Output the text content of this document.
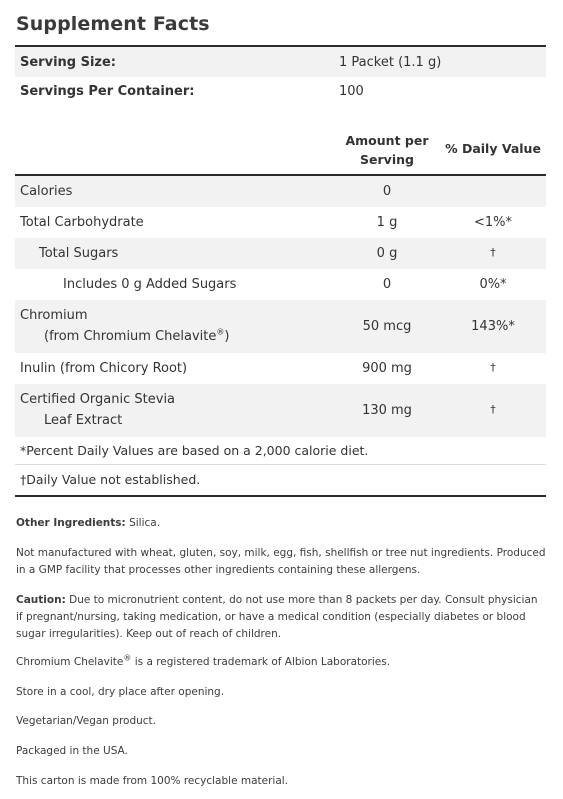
Supplement Facts
Serving Size:	1 Packet (1.1 g)
Servings Per Container:	100
Amount per
Serving
% Daily Value
Calories	0
Total Carbohydrate	1 g	<1%*
Total Sugars	0 g	†
Includes 0 g Added Sugars	0	0%*
Chromium
(from Chromium Chelavite®)
50 mcg	143%*
Inulin (from Chicory Root)	900 mg	†
Certified Organic Stevia
Leaf Extract
130 mg	†
*Percent Daily Values are based on a 2,000 calorie diet.
†Daily Value not established.
Other Ingredients: Silica.
Not manufactured with wheat, gluten, soy, milk, egg, fish, shellfish or tree nut ingredients. Produced in a GMP facility that processes other ingredients containing these allergens.
Caution: Due to micronutrient content, do not use more than 8 packets per day. Consult physician if pregnant/nursing, taking medication, or have a medical condition (especially diabetes or blood sugar irregularities). Keep out of reach of children.
Chromium Chelavite® is a registered trademark of Albion Laboratories.
Store in a cool, dry place after opening.
Vegetarian/Vegan product.
Packaged in the USA.
This carton is made from 100% recyclable material.
